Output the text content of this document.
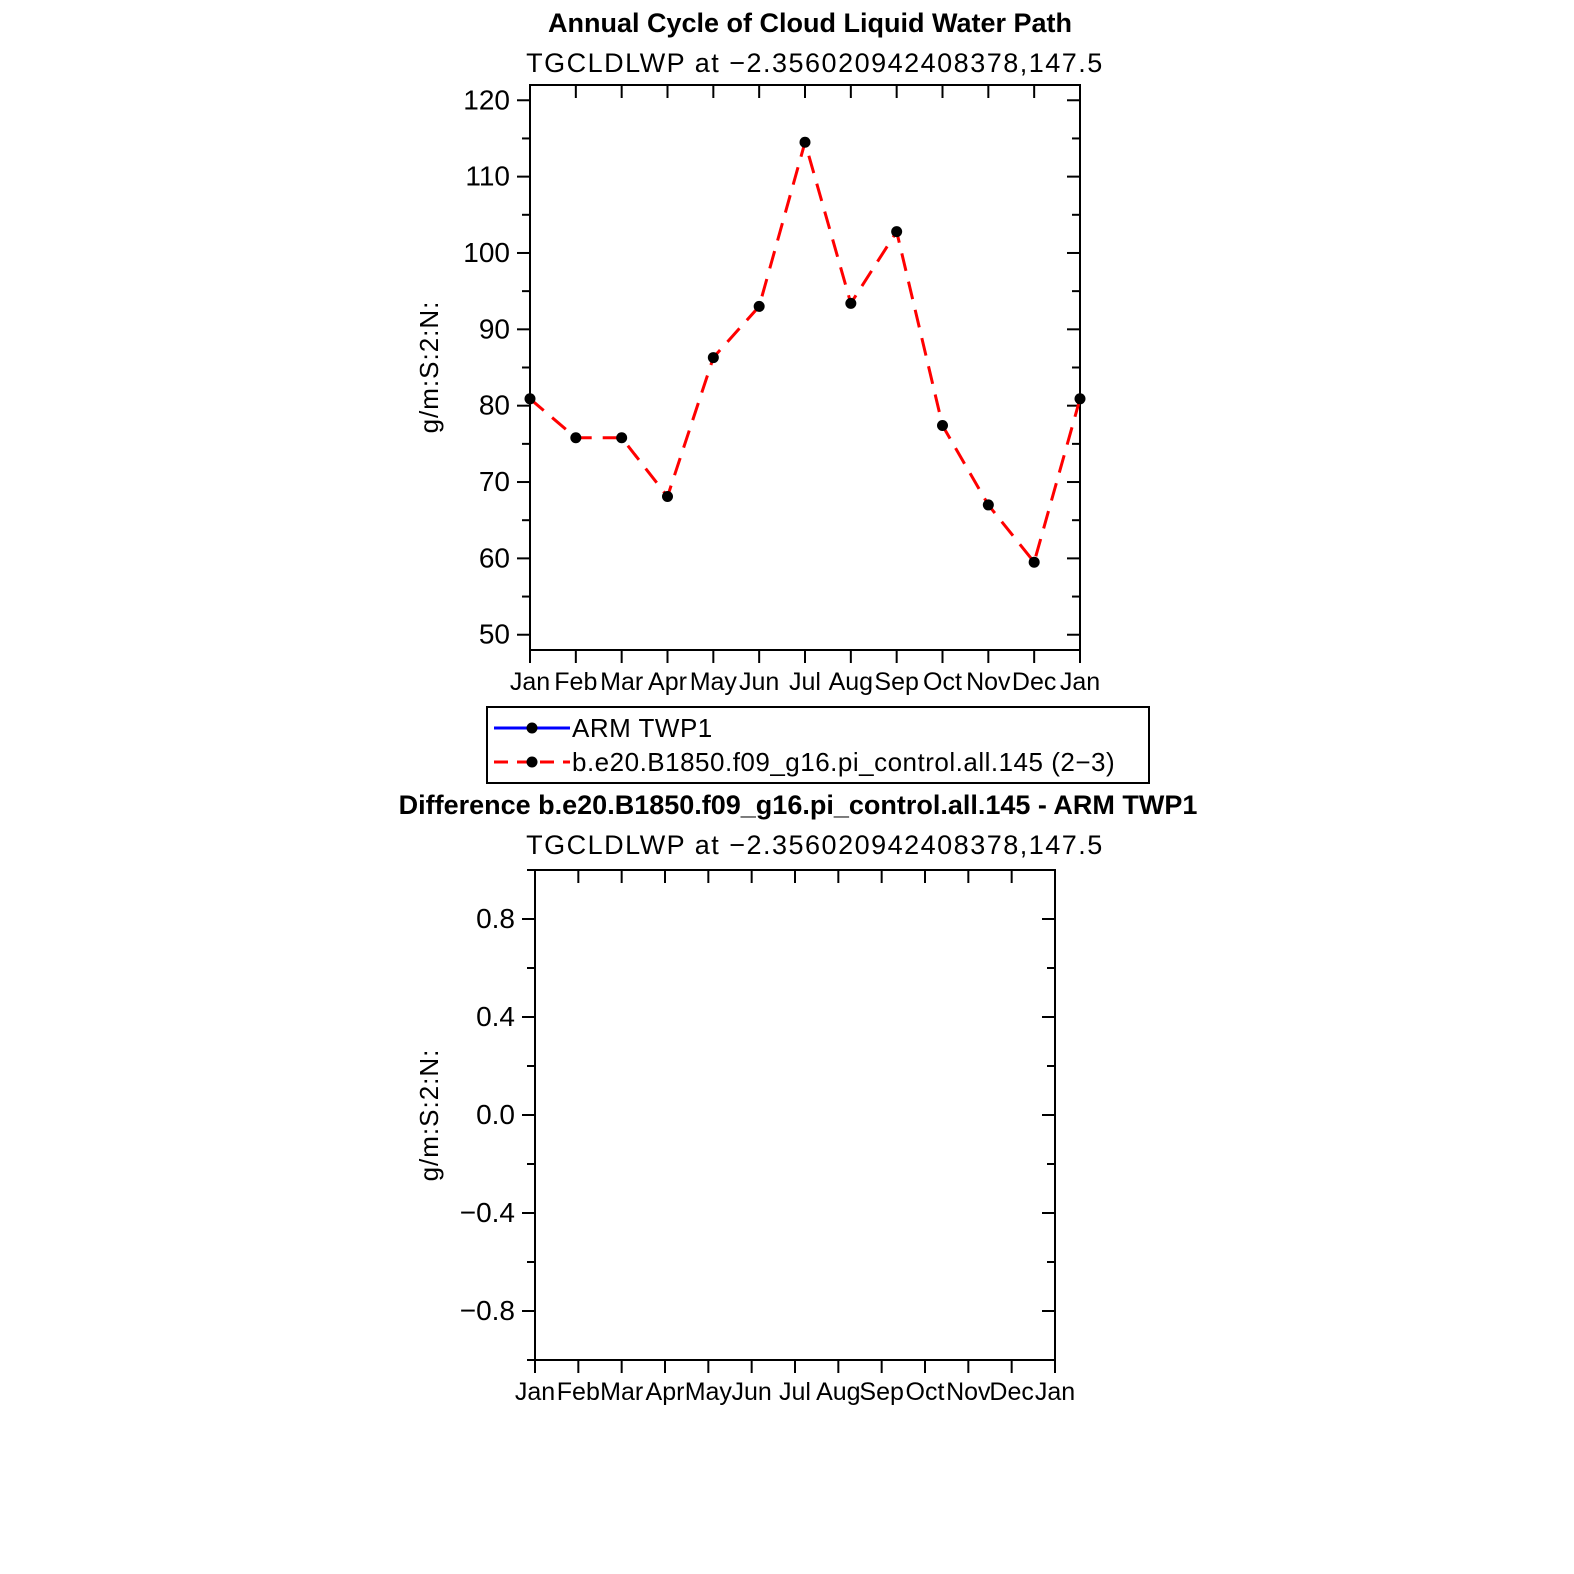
Annual Cycle of Cloud Liquid Water Path
TGCLDLWP at −2.356020942408378,147.5
g/m:S:2:N:
50
60
70
80
90
100
110
120
Jan Feb Mar Apr May Jun Jul Aug Sep Oct Nov Dec Jan
ARM TWP1
b.e20.B1850.f09_g16.pi_control.all.145 (2−3)
Difference b.e20.B1850.f09_g16.pi_control.all.145 - ARM TWP1
TGCLDLWP at −2.356020942408378,147.5
g/m:S:2:N:
0.8
0.4
0.0
−0.4
−0.8
Jan Feb Mar Apr May Jun Jul Aug
Sep Oct Nov
Dec Jan
